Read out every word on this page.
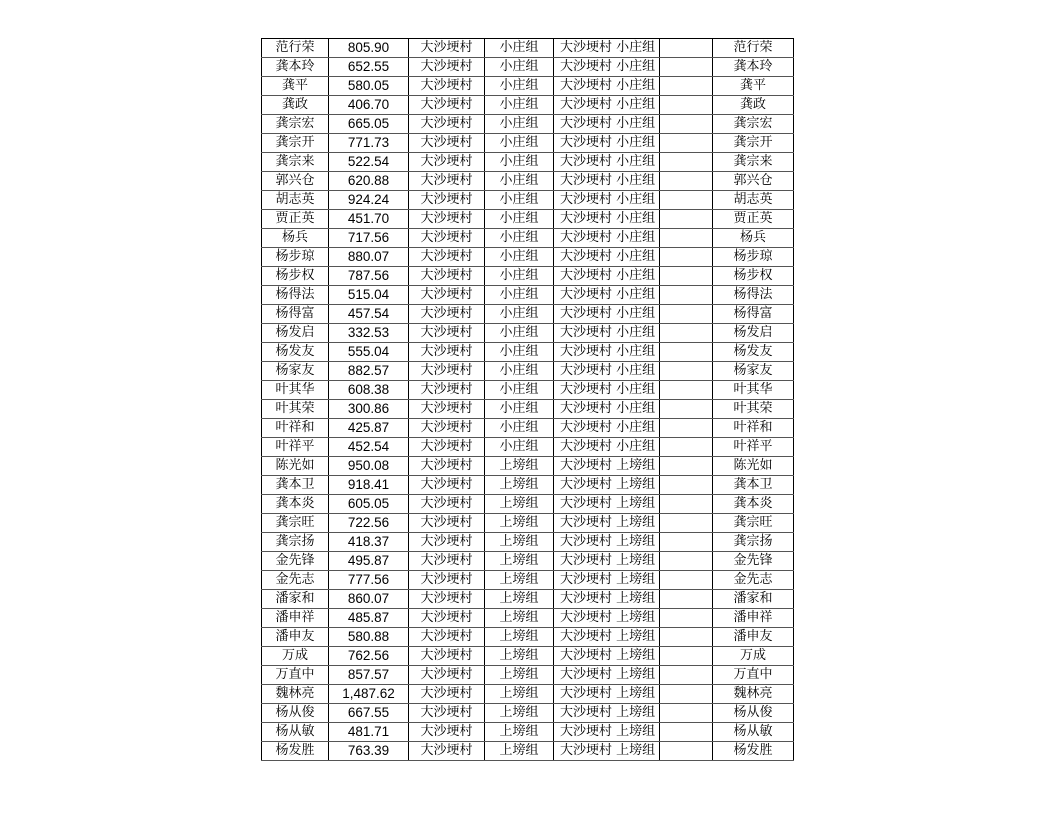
范行荣	805.90	大沙埂村	小庄组	大沙埂村 小庄组		范行荣
龚本玲	652.55	大沙埂村	小庄组	大沙埂村 小庄组		龚本玲
龚平	580.05	大沙埂村	小庄组	大沙埂村 小庄组		龚平
龚政	406.70	大沙埂村	小庄组	大沙埂村 小庄组		龚政
龚宗宏	665.05	大沙埂村	小庄组	大沙埂村 小庄组		龚宗宏
龚宗开	771.73	大沙埂村	小庄组	大沙埂村 小庄组		龚宗开
龚宗来	522.54	大沙埂村	小庄组	大沙埂村 小庄组		龚宗来
郭兴仓	620.88	大沙埂村	小庄组	大沙埂村 小庄组		郭兴仓
胡志英	924.24	大沙埂村	小庄组	大沙埂村 小庄组		胡志英
贾正英	451.70	大沙埂村	小庄组	大沙埂村 小庄组		贾正英
杨兵	717.56	大沙埂村	小庄组	大沙埂村 小庄组		杨兵
杨步琼	880.07	大沙埂村	小庄组	大沙埂村 小庄组		杨步琼
杨步权	787.56	大沙埂村	小庄组	大沙埂村 小庄组		杨步权
杨得法	515.04	大沙埂村	小庄组	大沙埂村 小庄组		杨得法
杨得富	457.54	大沙埂村	小庄组	大沙埂村 小庄组		杨得富
杨发启	332.53	大沙埂村	小庄组	大沙埂村 小庄组		杨发启
杨发友	555.04	大沙埂村	小庄组	大沙埂村 小庄组		杨发友
杨家友	882.57	大沙埂村	小庄组	大沙埂村 小庄组		杨家友
叶其华	608.38	大沙埂村	小庄组	大沙埂村 小庄组		叶其华
叶其荣	300.86	大沙埂村	小庄组	大沙埂村 小庄组		叶其荣
叶祥和	425.87	大沙埂村	小庄组	大沙埂村 小庄组		叶祥和
叶祥平	452.54	大沙埂村	小庄组	大沙埂村 小庄组		叶祥平
陈光如	950.08	大沙埂村	上塝组	大沙埂村 上塝组		陈光如
龚本卫	918.41	大沙埂村	上塝组	大沙埂村 上塝组		龚本卫
龚本炎	605.05	大沙埂村	上塝组	大沙埂村 上塝组		龚本炎
龚宗旺	722.56	大沙埂村	上塝组	大沙埂村 上塝组		龚宗旺
龚宗扬	418.37	大沙埂村	上塝组	大沙埂村 上塝组		龚宗扬
金先锋	495.87	大沙埂村	上塝组	大沙埂村 上塝组		金先锋
金先志	777.56	大沙埂村	上塝组	大沙埂村 上塝组		金先志
潘家和	860.07	大沙埂村	上塝组	大沙埂村 上塝组		潘家和
潘申祥	485.87	大沙埂村	上塝组	大沙埂村 上塝组		潘申祥
潘申友	580.88	大沙埂村	上塝组	大沙埂村 上塝组		潘申友
万成	762.56	大沙埂村	上塝组	大沙埂村 上塝组		万成
万直中	857.57	大沙埂村	上塝组	大沙埂村 上塝组		万直中
魏林亮	1,487.62	大沙埂村	上塝组	大沙埂村 上塝组		魏林亮
杨从俊	667.55	大沙埂村	上塝组	大沙埂村 上塝组		杨从俊
杨从敏	481.71	大沙埂村	上塝组	大沙埂村 上塝组		杨从敏
杨发胜	763.39	大沙埂村	上塝组	大沙埂村 上塝组		杨发胜
